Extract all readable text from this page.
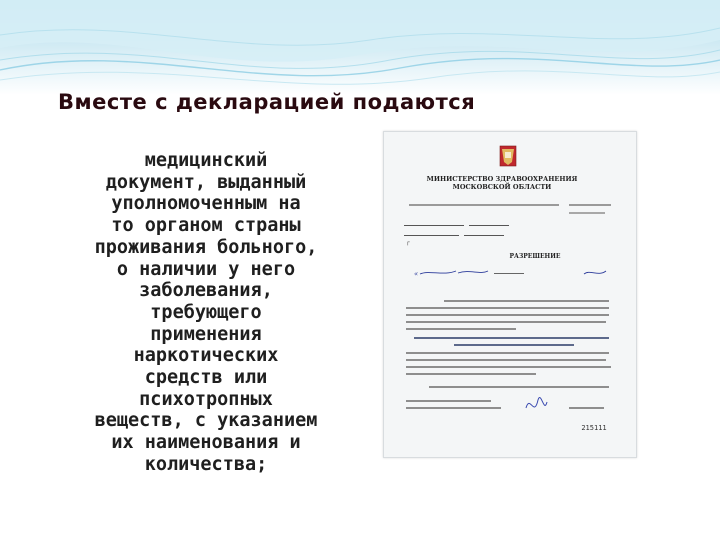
Вместе с декларацией подаются
медицинский
документ, выданный
уполномоченным на
то органом страны
проживания больного,
о наличии у него
заболевания,
требующего
применения
наркотических
средств или
психотропных
веществ, с указанием
их наименования и
количества;
МИНИСТЕРСТВО ЗДРАВООХРАНЕНИЯ
МОСКОВСКОЙ ОБЛАСТИ
┌
РАЗРЕШЕНИЕ
«
215111
